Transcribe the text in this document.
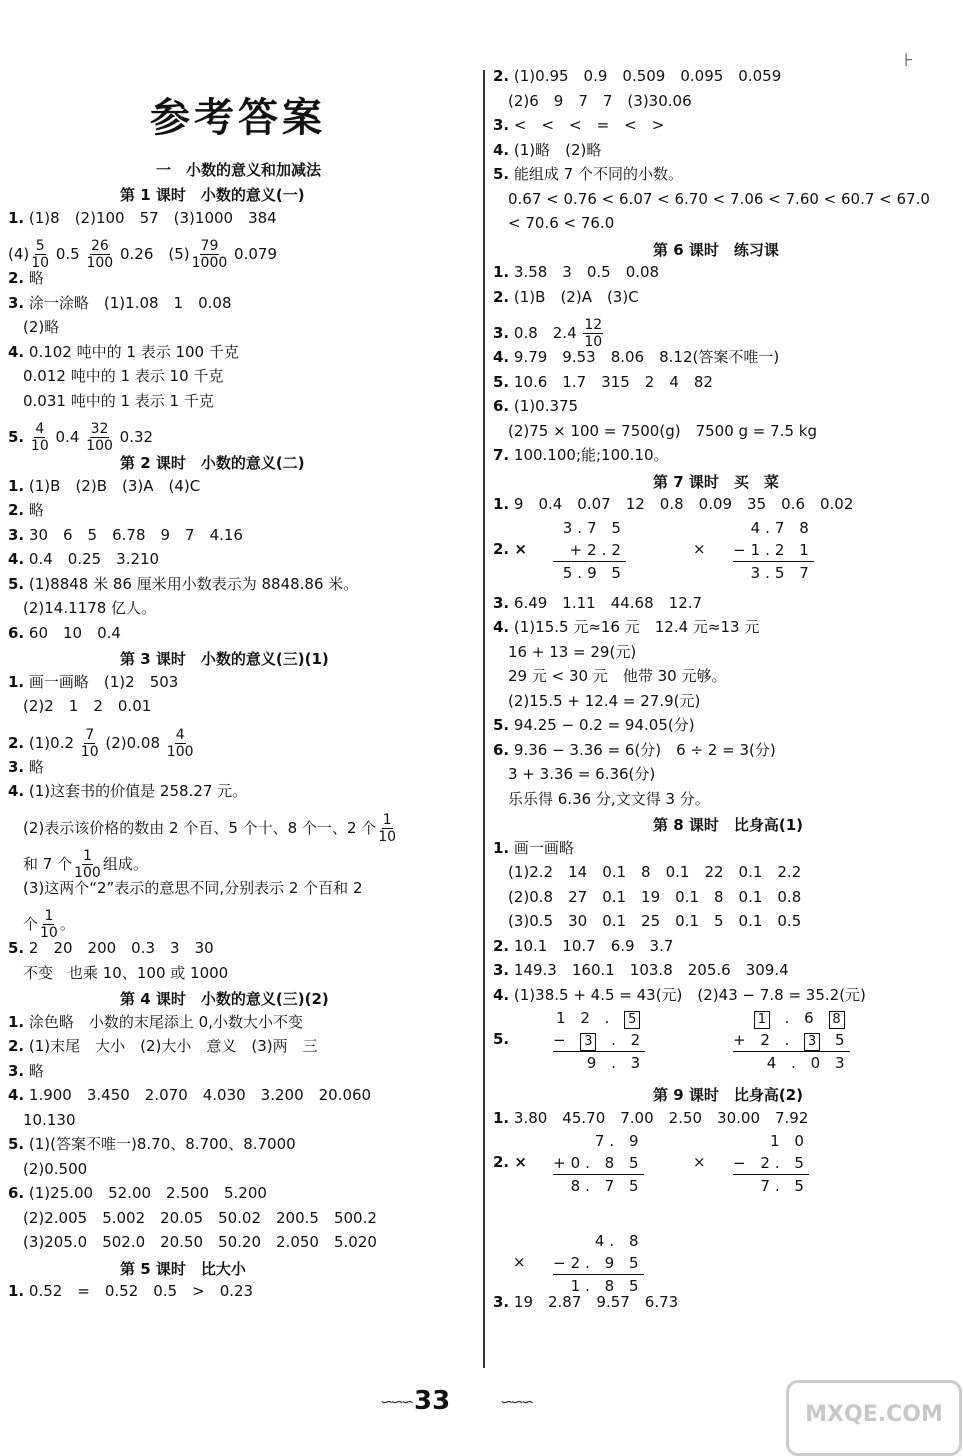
⊦
参考答案
一　小数的意义和加减法
第 1 课时　小数的意义(一)
1. (1)8　(2)100　57　(3)1000　384
$(4) \frac{5}{10} 0.5 \frac{26}{100} 0.26$　$(5) \frac{79}{1000} 0.079$
2. 略
3. 涂一涂略　(1)1.08　1　0.08
　(2)略
4. 0.102 吨中的 1 表示 100 千克
　0.012 吨中的 1 表示 10 千克
　0.031 吨中的 1 表示 1 千克
5. $\frac{4}{10} 0.4 \frac{32}{100} 0.32$
第 2 课时　小数的意义(二)
1. (1)B　(2)B　(3)A　(4)C
2. 略
3. 30　6　5　6.78　9　7　4.16
4. 0.4　0.25　3.210
5. (1)8848 米 86 厘米用小数表示为 8848.86 米。
　(2)14.1178 亿人。
6. 60　10　0.4
第 3 课时　小数的意义(三)(1)
1. 画一画略　(1)2　503
　(2)2　1　2　0.01
2. $(1)0.2 \frac{7}{10} (2)0.08 \frac{4}{100}$
3. 略
4. (1)这套书的价值是 258.27 元。
　(2)表示该价格的数由 2 个百、5 个十、8 个一、2 个 $\frac{1}{10}$
　和 7 个 $\frac{1}{100}$ 组成。
　(3)这两个“2”表示的意思不同,分别表示 2 个百和 2
　个 $\frac{1}{10}$ 。
5. 2　20　200　0.3　3　30
　不变　也乘 10、100 或 1000
第 4 课时　小数的意义(三)(2)
1. 涂色略　小数的末尾添上 0,小数大小不变
2. (1)末尾　大小　(2)大小　意义　(3)两　三
3. 略
4. 1.900　3.450　2.070　4.030　3.200　20.060
　10.130
5. (1)(答案不唯一)8.70、8.700、8.7000
　(2)0.500
6. (1)25.00　52.00　2.500　5.200
　(2)2.005　5.002　20.05　50.02　200.5　500.2
　(3)205.0　502.0　20.50　50.20　2.050　5.020
第 5 课时　比大小
1. 0.52　=　0.52　0.5　>　0.23
2. (1)0.95　0.9　0.509　0.095　0.059
　(2)6　9　7　7　(3)30.06
3. <　<　<　=　<　>
4. (1)略　(2)略
5. 能组成 7 个不同的小数。
　0.67 < 0.76 < 6.07 < 6.70 < 7.06 < 7.60 < 60.7 < 67.0
　< 70.6 < 76.0
第 6 课时　练习课
1. 3.58　3　0.5　0.08
2. (1)B　(2)A　(3)C
3. 0.8　$2.4 \frac{12}{10}$
4. 9.79　9.53　8.06　8.12(答案不唯一)
5. 10.6　1.7　315　2　4　82
6. (1)0.375
　(2)75 × 100 = 7500(g)　7500 g = 7.5 kg
7. 100.100;能;100.10。
第 7 课时　买　菜
1. 9　0.4　0.07　12　0.8　0.09　35　0.6　0.02
2. ×
3.7 5
+2.2
5.9 5
×
4.7 8
−1.2 1
3.5 7
3. 6.49　1.11　44.68　12.7
4. (1)15.5 元≈16 元　12.4 元≈13 元
　16 + 13 = 29(元)
　29 元 < 30 元　他带 30 元够。
　(2)15.5 + 12.4 = 27.9(元)
5. 94.25 − 0.2 = 94.05(分)
6. 9.36 − 3.36 = 6(分)　6 ÷ 2 = 3(分)
　3 + 3.36 = 6.36(分)
　乐乐得 6.36 分,文文得 3 分。
第 8 课时　比身高(1)
1. 画一画略
　(1)2.2　14　0.1　8　0.1　22　0.1　2.2
　(2)0.8　27　0.1　19　0.1　8　0.1　0.8
　(3)0.5　30　0.1　25　0.1　5　0.1　0.5
2. 10.1　10.7　6.9　3.7
3. 149.3　160.1　103.8　205.6　309.4
4. (1)38.5 + 4.5 = 43(元)　(2)43 − 7.8 = 35.2(元)
5.
1 2 . 5
− 3 . 2
9 . 3
1 . 6 8
+ 2 . 3 5
4 . 0 3
第 9 课时　比身高(2)
1. 3.80　45.70　7.00　2.50　30.00　7.92
2. ×
7. 9
+0. 8 5
8. 7 5
×
1 0
− 2. 5
7. 5
×
4. 8
−2. 9 5
1. 8 5
3. 19　2.87　9.57　6.73
∽∽∽ 33	∽∽∽
MXQE.COM
